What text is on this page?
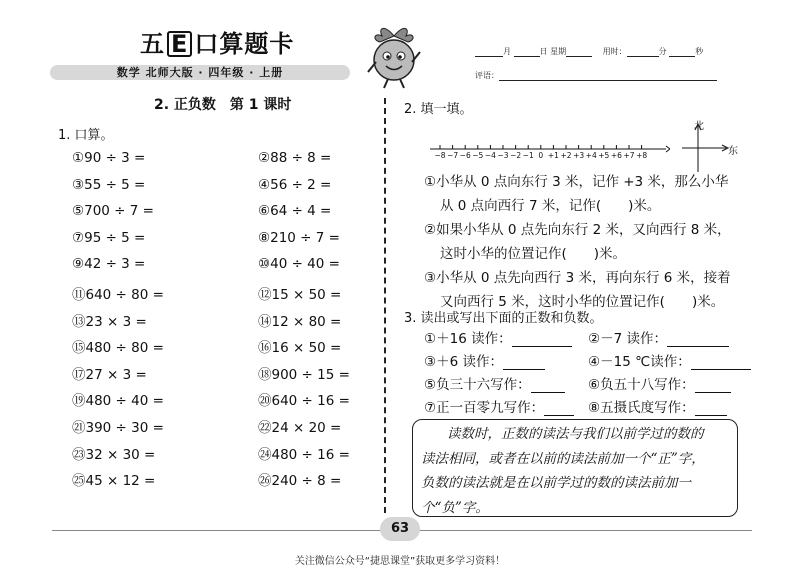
五 E 口算题卡
数学 北师大版 · 四年级 · 上册
月	日 星期	用时：	分	秒
评语：
2. 正负数　第 1 课时
1. 口算。
①90 ÷ 3 =	②88 ÷ 8 =
③55 ÷ 5 =	④56 ÷ 2 =
⑤700 ÷ 7 =	⑥64 ÷ 4 =
⑦95 ÷ 5 =	⑧210 ÷ 7 =
⑨42 ÷ 3 =	⑩40 ÷ 40 =
⑪640 ÷ 80 =	⑫15 × 50 =
⑬23 × 3 =	⑭12 × 80 =
⑮480 ÷ 80 =	⑯16 × 50 =
⑰27 × 3 =	⑱900 ÷ 15 =
⑲480 ÷ 40 =	⑳640 ÷ 16 =
㉑390 ÷ 30 =	㉒24 × 20 =
㉓32 × 30 =	㉔480 ÷ 16 =
㉕45 × 12 =	㉖240 ÷ 8 =
2. 填一填。
−8 −7 −6 −5 −4 −3 −2 −1 0 +1 +2 +3 +4 +5 +6 +7 +8
北
东
①小华从 0 点向东行 3 米，记作 +3 米，那么小华
从 0 点向西行 7 米，记作(　　)米。
②如果小华从 0 点先向东行 2 米，又向西行 8 米，
这时小华的位置记作(　　)米。
③小华从 0 点先向西行 3 米，再向东行 6 米，接着
又向西行 5 米，这时小华的位置记作(　　)米。
3. 读出或写出下面的正数和负数。
①＋16 读作：	②－7 读作：
③＋6 读作：	④－15 ℃读作：
⑤负三十六写作：	⑥负五十八写作：
⑦正一百零九写作：	⑧五摄氏度写作：
读数时，正数的读法与我们以前学过的数的
读法相同，或者在以前的读法前加一个“正”字，
负数的读法就是在以前学过的数的读法前加一
个“负”字。
63
关注微信公众号“捷思课堂”获取更多学习资料！
